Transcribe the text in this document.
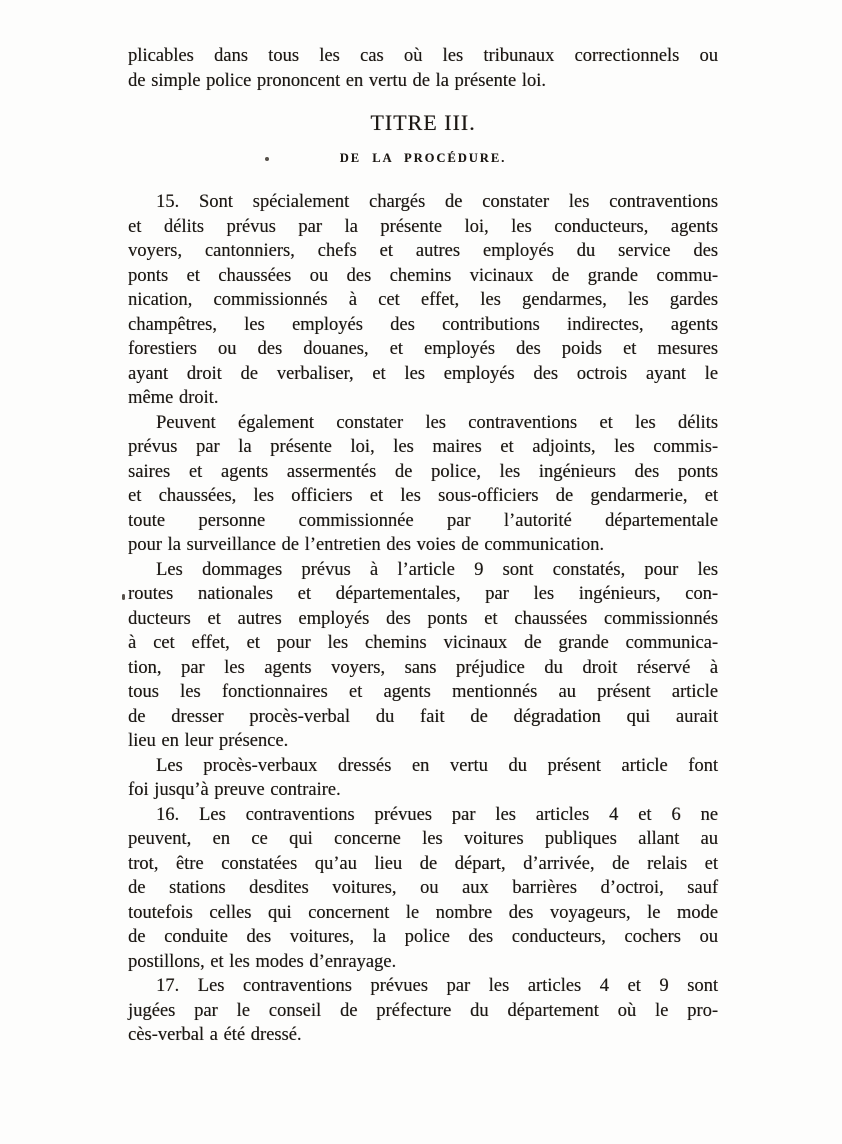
plicables dans tous les cas où les tribunaux correctionnels ou
de simple police prononcent en vertu de la présente loi.
TITRE III.
DE LA PROCÉDURE.
15. Sont spécialement chargés de constater les contraventions
et délits prévus par la présente loi, les conducteurs, agents
voyers, cantonniers, chefs et autres employés du service des
ponts et chaussées ou des chemins vicinaux de grande commu-
nication, commissionnés à cet effet, les gendarmes, les gardes
champêtres, les employés des contributions indirectes, agents
forestiers ou des douanes, et employés des poids et mesures
ayant droit de verbaliser, et les employés des octrois ayant le
même droit.
Peuvent également constater les contraventions et les délits
prévus par la présente loi, les maires et adjoints, les commis-
saires et agents assermentés de police, les ingénieurs des ponts
et chaussées, les officiers et les sous-officiers de gendarmerie, et
toute personne commissionnée par l’autorité départementale
pour la surveillance de l’entretien des voies de communication.
Les dommages prévus à l’article 9 sont constatés, pour les
routes nationales et départementales, par les ingénieurs, con-
ducteurs et autres employés des ponts et chaussées commissionnés
à cet effet, et pour les chemins vicinaux de grande communica-
tion, par les agents voyers, sans préjudice du droit réservé à
tous les fonctionnaires et agents mentionnés au présent article
de dresser procès-verbal du fait de dégradation qui aurait
lieu en leur présence.
Les procès-verbaux dressés en vertu du présent article font
foi jusqu’à preuve contraire.
16. Les contraventions prévues par les articles 4 et 6 ne
peuvent, en ce qui concerne les voitures publiques allant au
trot, être constatées qu’au lieu de départ, d’arrivée, de relais et
de stations desdites voitures, ou aux barrières d’octroi, sauf
toutefois celles qui concernent le nombre des voyageurs, le mode
de conduite des voitures, la police des conducteurs, cochers ou
postillons, et les modes d’enrayage.
17. Les contraventions prévues par les articles 4 et 9 sont
jugées par le conseil de préfecture du département où le pro-
cès-verbal a été dressé.
